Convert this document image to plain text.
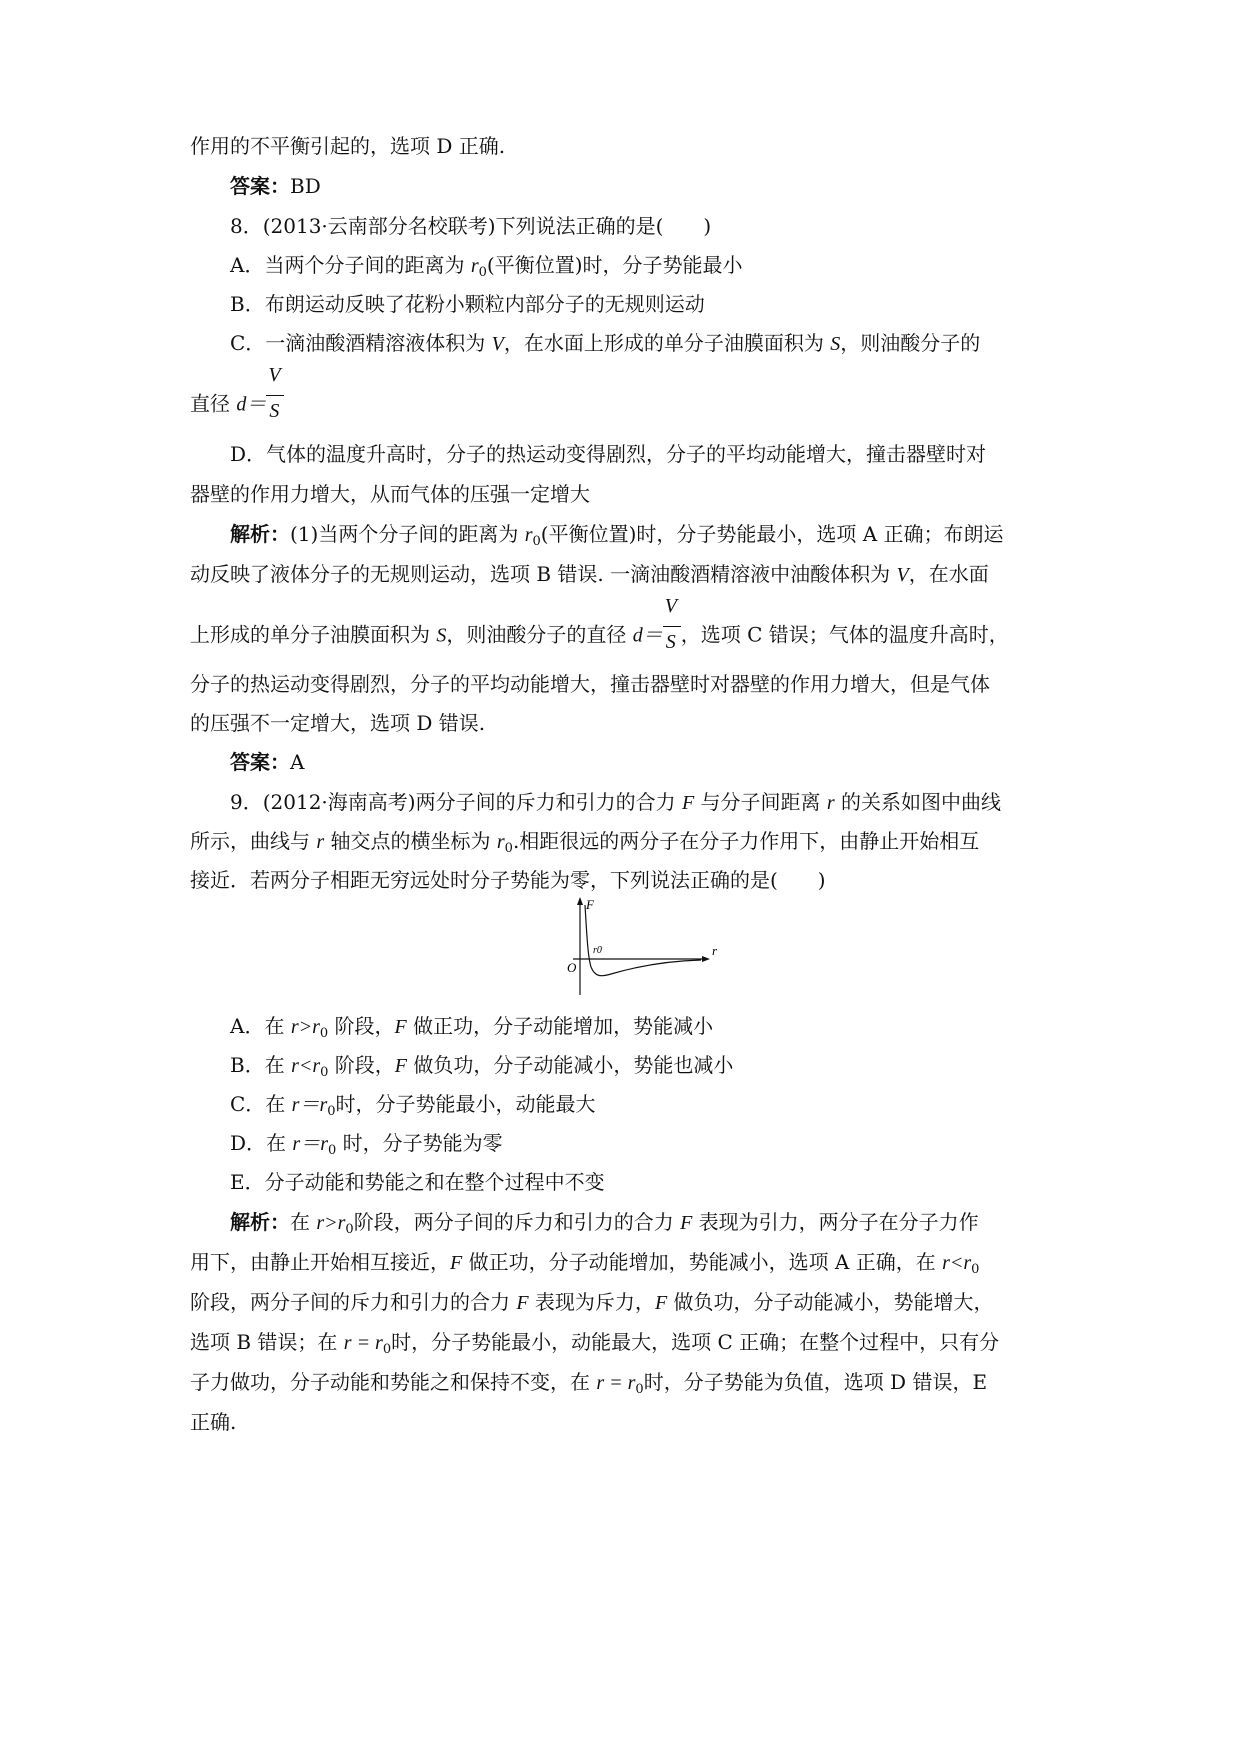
作用的不平衡引起的，选项 D 正确.
答案：BD
8．(2013·云南部分名校联考)下列说法正确的是(　　)
A．当两个分子间的距离为 $r_0$(平衡位置)时，分子势能最小
B．布朗运动反映了花粉小颗粒内部分子的无规则运动
C．一滴油酸酒精溶液体积为 V，在水面上形成的单分子油膜面积为 S，则油酸分子的
直径 $d= \frac{V}{S}$
D．气体的温度升高时，分子的热运动变得剧烈，分子的平均动能增大，撞击器壁时对
器壁的作用力增大，从而气体的压强一定增大
解析：(1)当两个分子间的距离为 $r_0$(平衡位置)时，分子势能最小，选项 A 正确；布朗运
动反映了液体分子的无规则运动，选项 B 错误. 一滴油酸酒精溶液中油酸体积为 V，在水面
上形成的单分子油膜面积为 S，则油酸分子的直径 $d= \frac{V}{S}$ ，选项 C 错误；气体的温度升高时，
分子的热运动变得剧烈，分子的平均动能增大，撞击器壁时对器壁的作用力增大，但是气体
的压强不一定增大，选项 D 错误.
答案：A
9．(2012·海南高考)两分子间的斥力和引力的合力 F 与分子间距离 r 的关系如图中曲线
所示，曲线与 r 轴交点的横坐标为 $r_0$.相距很远的两分子在分子力作用下，由静止开始相互
接近．若两分子相距无穷远处时分子势能为零，下列说法正确的是(　　)
F
r
O
r0
A．在 $r>r_0$ 阶段，F 做正功，分子动能增加，势能减小
B．在 $r<r_0$ 阶段，F 做负功，分子动能减小，势能也减小
C．在 $r=r_0$时，分子势能最小，动能最大
D．在 $r=r_0$ 时，分子势能为零
E．分子动能和势能之和在整个过程中不变
解析：在 $r>r_0$阶段，两分子间的斥力和引力的合力 F 表现为引力，两分子在分子力作
用下，由静止开始相互接近，F 做正功，分子动能增加，势能减小，选项 A 正确，在 $r<r_0$
阶段，两分子间的斥力和引力的合力 F 表现为斥力，F 做负功，分子动能减小，势能增大，
选项 B 错误；在 $r = r_0$时，分子势能最小，动能最大，选项 C 正确；在整个过程中，只有分
子力做功，分子动能和势能之和保持不变，在 $r = r_0$时，分子势能为负值，选项 D 错误，E
正确.
